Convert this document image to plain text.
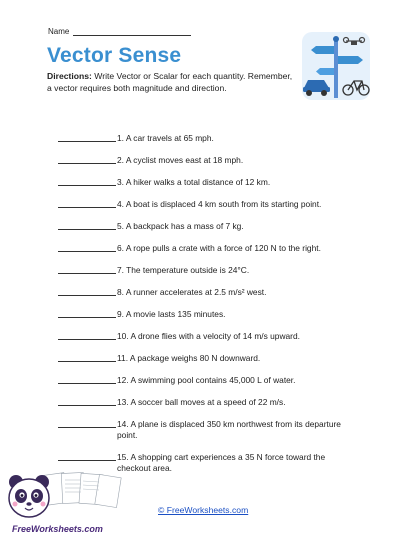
Name
Vector Sense
Directions: Write Vector or Scalar for each quantity. Remember, a vector requires both magnitude and direction.
1. A car travels at 65 mph.
2. A cyclist moves east at 18 mph.
3. A hiker walks a total distance of 12 km.
4. A boat is displaced 4 km south from its starting point.
5. A backpack has a mass of 7 kg.
6. A rope pulls a crate with a force of 120 N to the right.
7. The temperature outside is 24°C.
8. A runner accelerates at 2.5 m/s² west.
9. A movie lasts 135 minutes.
10. A drone flies with a velocity of 14 m/s upward.
11. A package weighs 80 N downward.
12. A swimming pool contains 45,000 L of water.
13. A soccer ball moves at a speed of 22 m/s.
14. A plane is displaced 350 km northwest from its departure point.
15. A shopping cart experiences a 35 N force toward the checkout area.
FreeWorksheets.com
© FreeWorksheets.com
